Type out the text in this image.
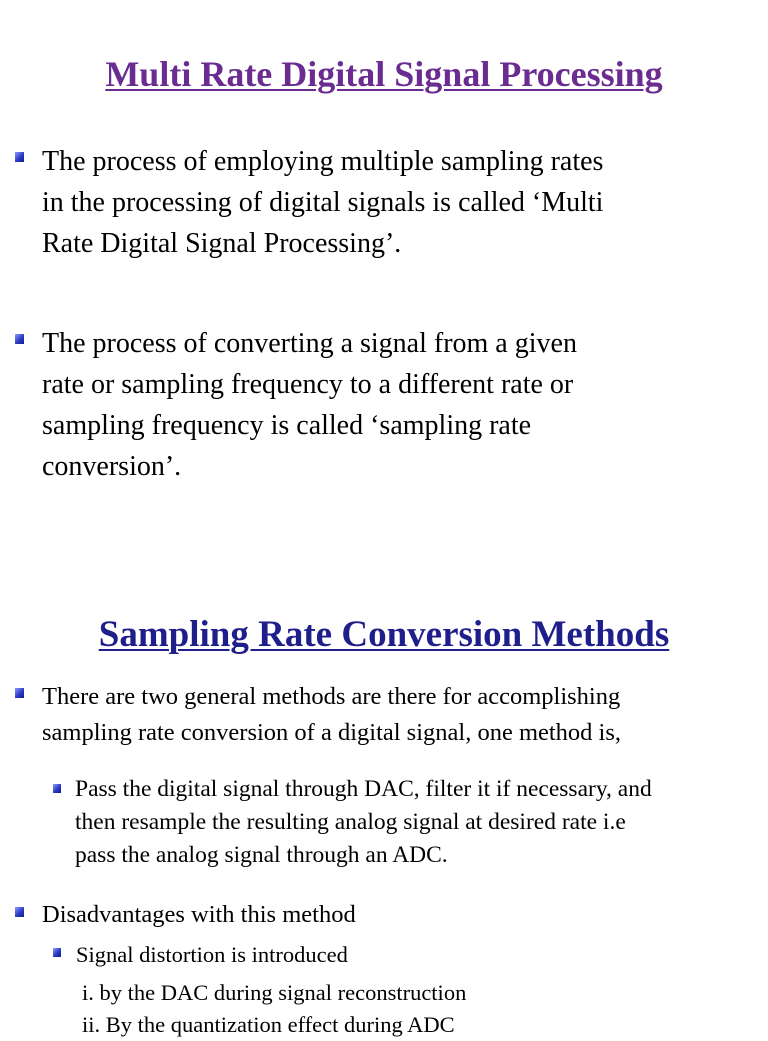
Multi Rate Digital Signal Processing
The process of employing multiple sampling rates
in the processing of digital signals is called ‘Multi
Rate Digital Signal Processing’.
The process of converting a signal from a given
rate or sampling frequency to a different rate or
sampling frequency is called ‘sampling rate
conversion’.
Sampling Rate Conversion Methods
There are two general methods are there for accomplishing
sampling rate conversion of a digital signal, one method is,
Pass the digital signal through DAC, filter it if necessary, and
then resample the resulting analog signal at desired rate i.e
pass the analog signal through an ADC.
Disadvantages with this method
Signal distortion is introduced
i. by the DAC during signal reconstruction
ii. By the quantization effect during ADC
